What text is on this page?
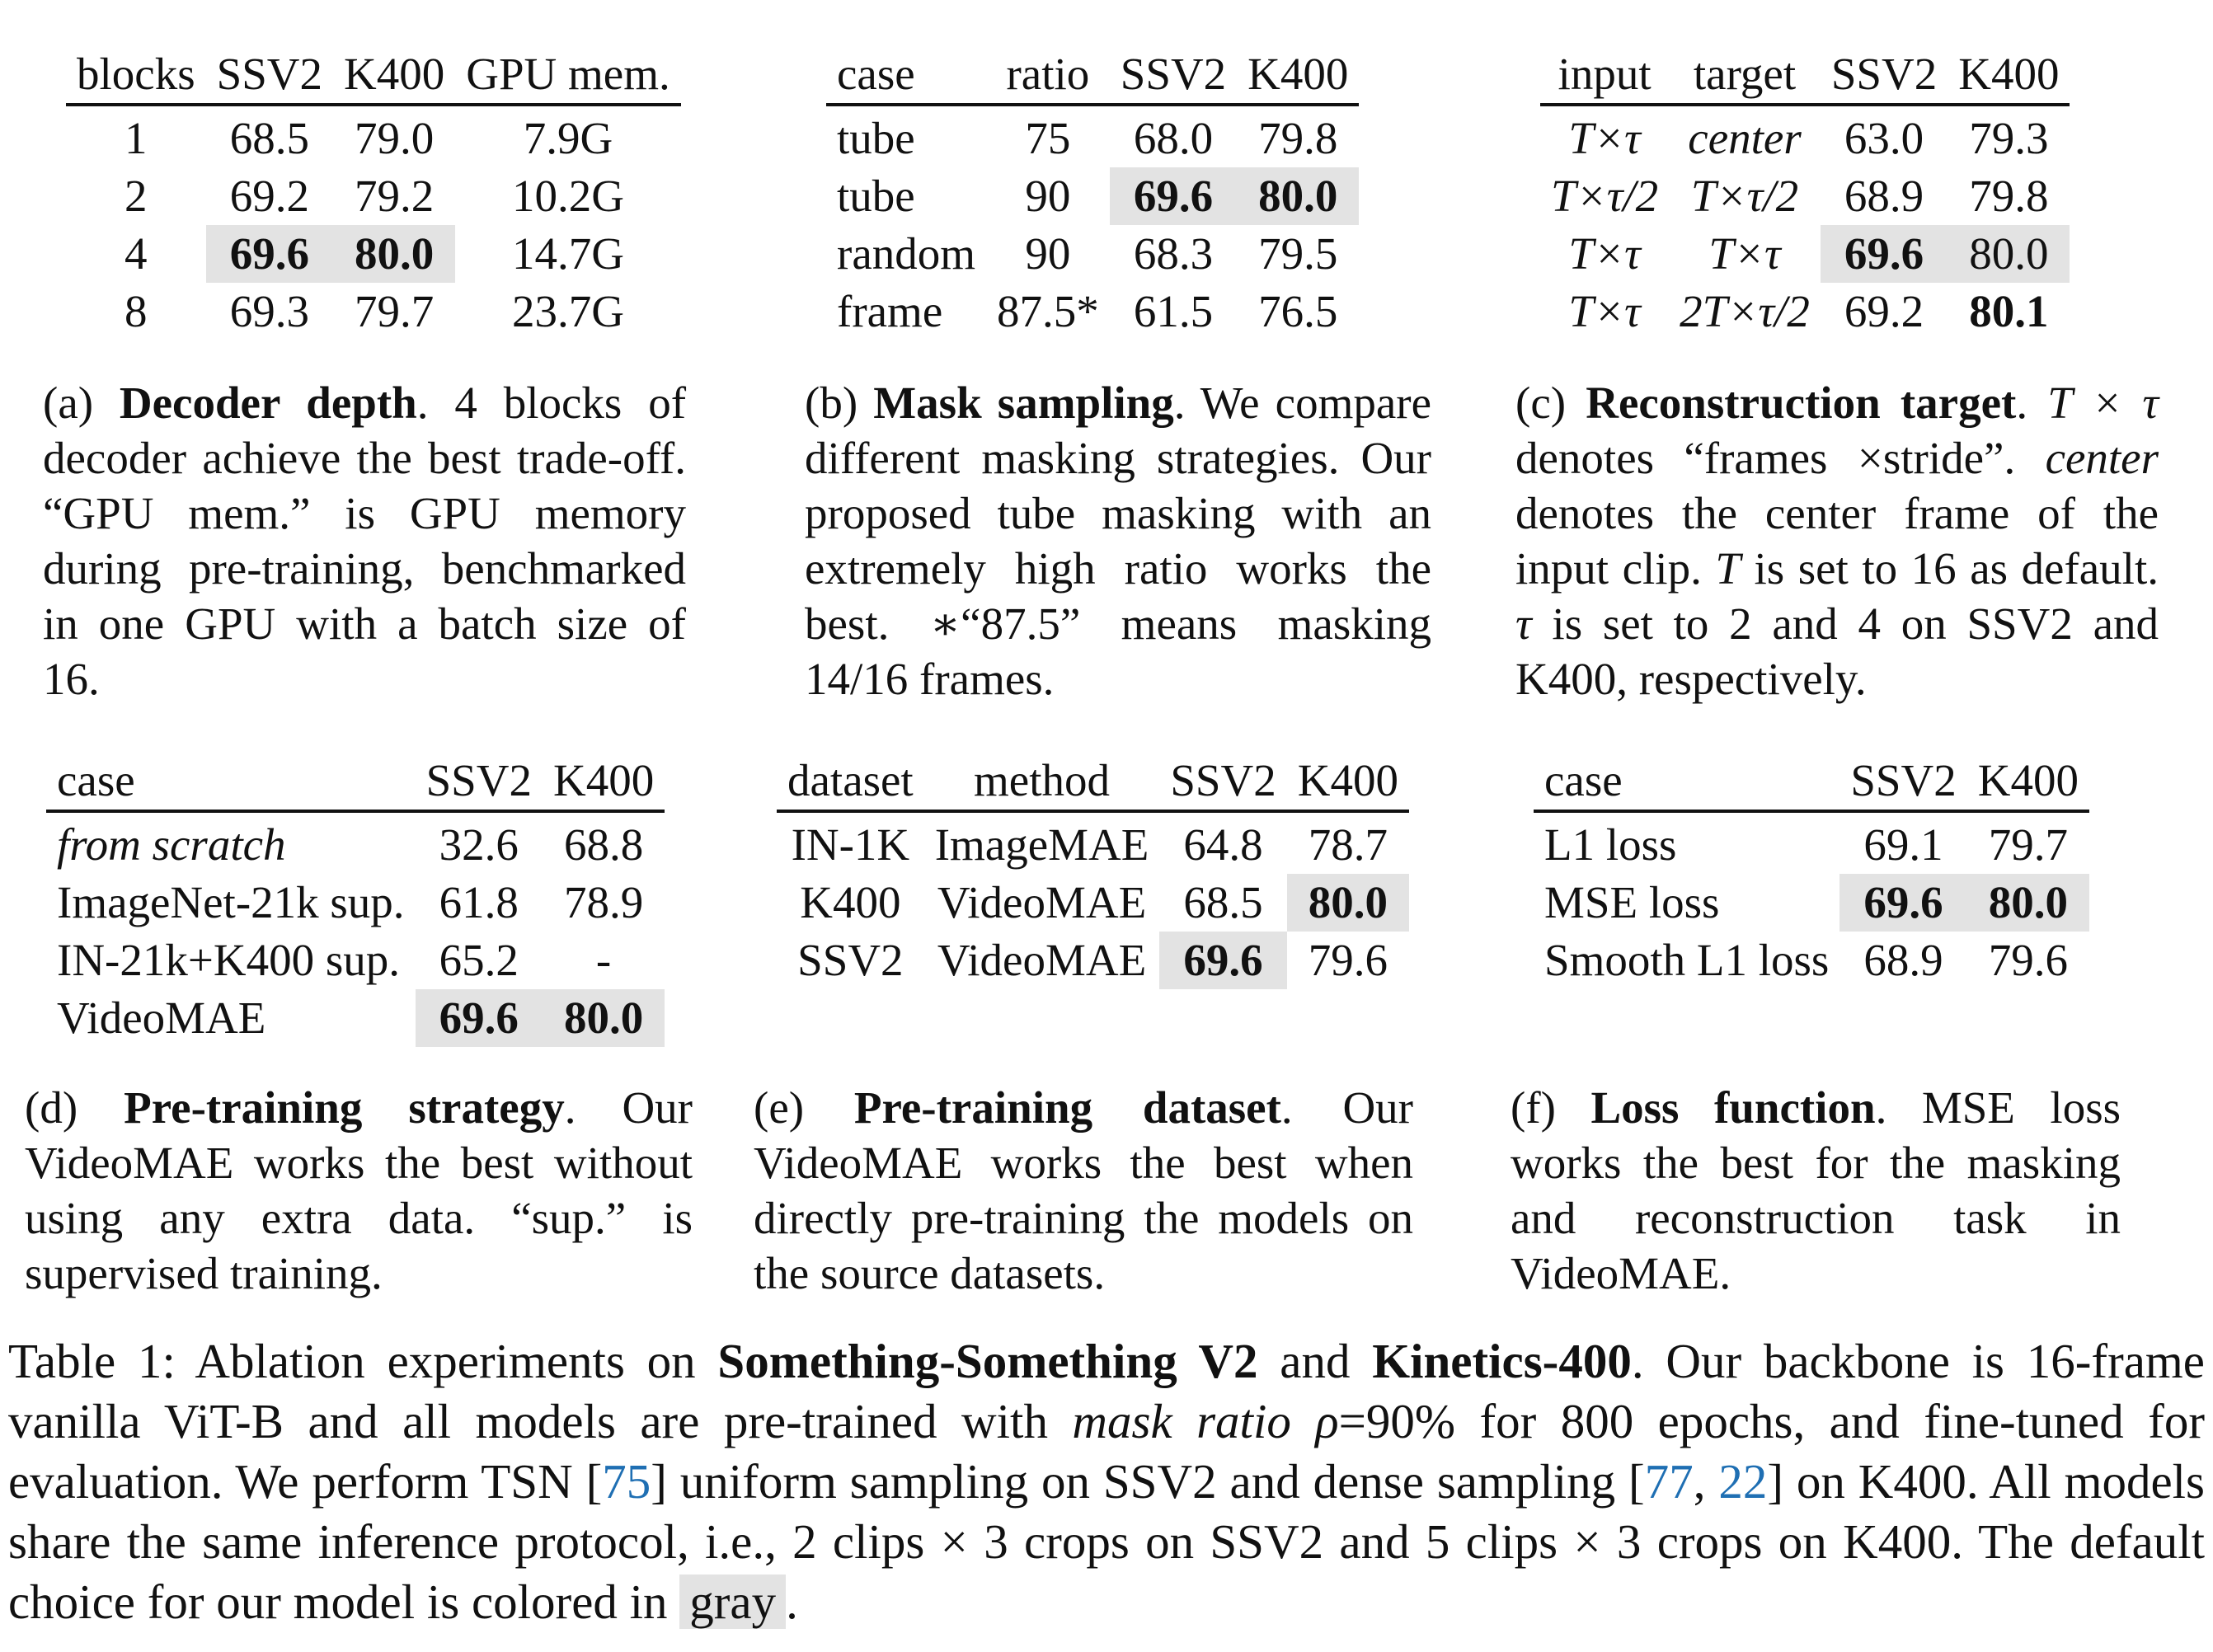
blocks	SSV2	K400	GPU mem.
1	68.5	79.0	7.9G
2	69.2	79.2	10.2G
4	69.6	80.0	14.7G
8	69.3	79.7	23.7G
(a) Decoder depth. 4 blocks of decoder achieve the best trade-off. “GPU mem.” is GPU memory during pre-training, benchmarked in one GPU with a batch size of 16.
case	ratio	SSV2	K400
tube	75	68.0	79.8
tube	90	69.6	80.0
random	90	68.3	79.5
frame	87.5*	61.5	76.5
(b) Mask sampling. We compare different masking strategies. Our proposed tube masking with an extremely high ratio works the best. ∗“87.5” means masking 14/16 frames.
input	target	SSV2	K400
T×τ	center	63.0	79.3
T×τ/2	T×τ/2	68.9	79.8
T×τ	T×τ	69.6	80.0
T×τ	2T×τ/2	69.2	80.1
(c) Reconstruction target. T × τ denotes “frames ×stride”. center denotes the center frame of the input clip. T is set to 16 as default. τ is set to 2 and 4 on SSV2 and K400, respectively.
case	SSV2	K400
from scratch	32.6	68.8
ImageNet-21k sup.	61.8	78.9
IN-21k+K400 sup.	65.2	-
VideoMAE	69.6	80.0
(d) Pre-training strategy. Our VideoMAE works the best without using any extra data. “sup.” is supervised training.
dataset	method	SSV2	K400
IN-1K	ImageMAE	64.8	78.7
K400	VideoMAE	68.5	80.0
SSV2	VideoMAE	69.6	79.6
(e) Pre-training dataset. Our VideoMAE works the best when directly pre-training the models on the source datasets.
case	SSV2	K400
L1 loss	69.1	79.7
MSE loss	69.6	80.0
Smooth L1 loss	68.9	79.6
(f) Loss function. MSE loss works the best for the masking and reconstruction task in VideoMAE.
Table 1: Ablation experiments on Something-Something V2 and Kinetics-400. Our backbone is 16-frame vanilla ViT-B and all models are pre-trained with mask ratio ρ=90% for 800 epochs, and fine-tuned for evaluation. We perform TSN [75] uniform sampling on SSV2 and dense sampling [77, 22] on K400. All models share the same inference protocol, i.e., 2 clips × 3 crops on SSV2 and 5 clips × 3 crops on K400. The default choice for our model is colored in gray .
